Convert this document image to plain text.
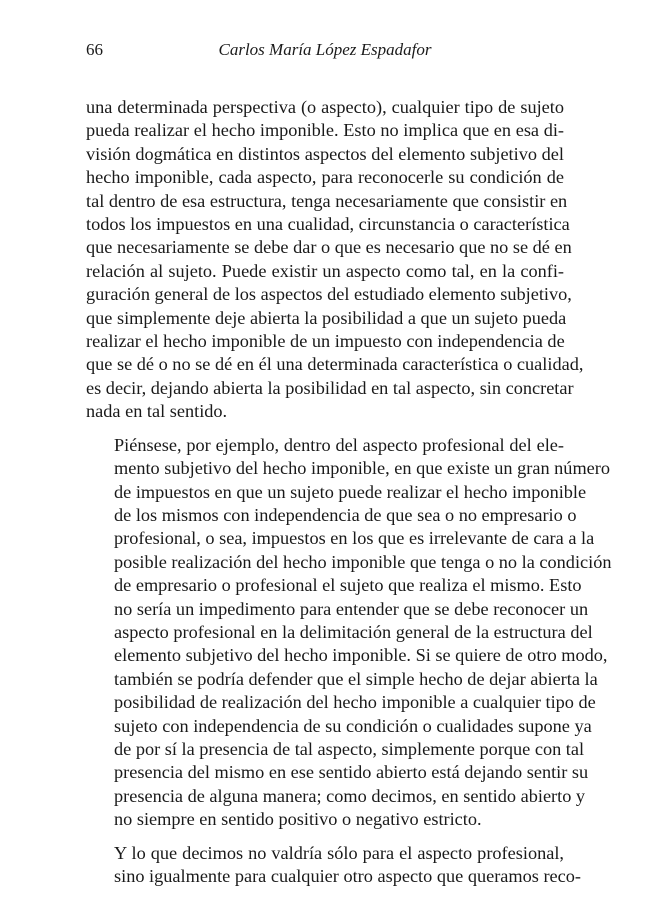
66	Carlos María López Espadafor

una determinada perspectiva (o aspecto), cualquier tipo de sujeto
pueda realizar el hecho imponible. Esto no implica que en esa di-
visión dogmática en distintos aspectos del elemento subjetivo del
hecho imponible, cada aspecto, para reconocerle su condición de
tal dentro de esa estructura, tenga necesariamente que consistir en
todos los impuestos en una cualidad, circunstancia o característica
que necesariamente se debe dar o que es necesario que no se dé en
relación al sujeto. Puede existir un aspecto como tal, en la confi-
guración general de los aspectos del estudiado elemento subjetivo,
que simplemente deje abierta la posibilidad a que un sujeto pueda
realizar el hecho imponible de un impuesto con independencia de
que se dé o no se dé en él una determinada característica o cualidad,
es decir, dejando abierta la posibilidad en tal aspecto, sin concretar
nada en tal sentido.

Piénsese, por ejemplo, dentro del aspecto profesional del ele-
mento subjetivo del hecho imponible, en que existe un gran número
de impuestos en que un sujeto puede realizar el hecho imponible
de los mismos con independencia de que sea o no empresario o
profesional, o sea, impuestos en los que es irrelevante de cara a la
posible realización del hecho imponible que tenga o no la condición
de empresario o profesional el sujeto que realiza el mismo. Esto
no sería un impedimento para entender que se debe reconocer un
aspecto profesional en la delimitación general de la estructura del
elemento subjetivo del hecho imponible. Si se quiere de otro modo,
también se podría defender que el simple hecho de dejar abierta la
posibilidad de realización del hecho imponible a cualquier tipo de
sujeto con independencia de su condición o cualidades supone ya
de por sí la presencia de tal aspecto, simplemente porque con tal
presencia del mismo en ese sentido abierto está dejando sentir su
presencia de alguna manera; como decimos, en sentido abierto y
no siempre en sentido positivo o negativo estricto.

Y lo que decimos no valdría sólo para el aspecto profesional,
sino igualmente para cualquier otro aspecto que queramos reco-
